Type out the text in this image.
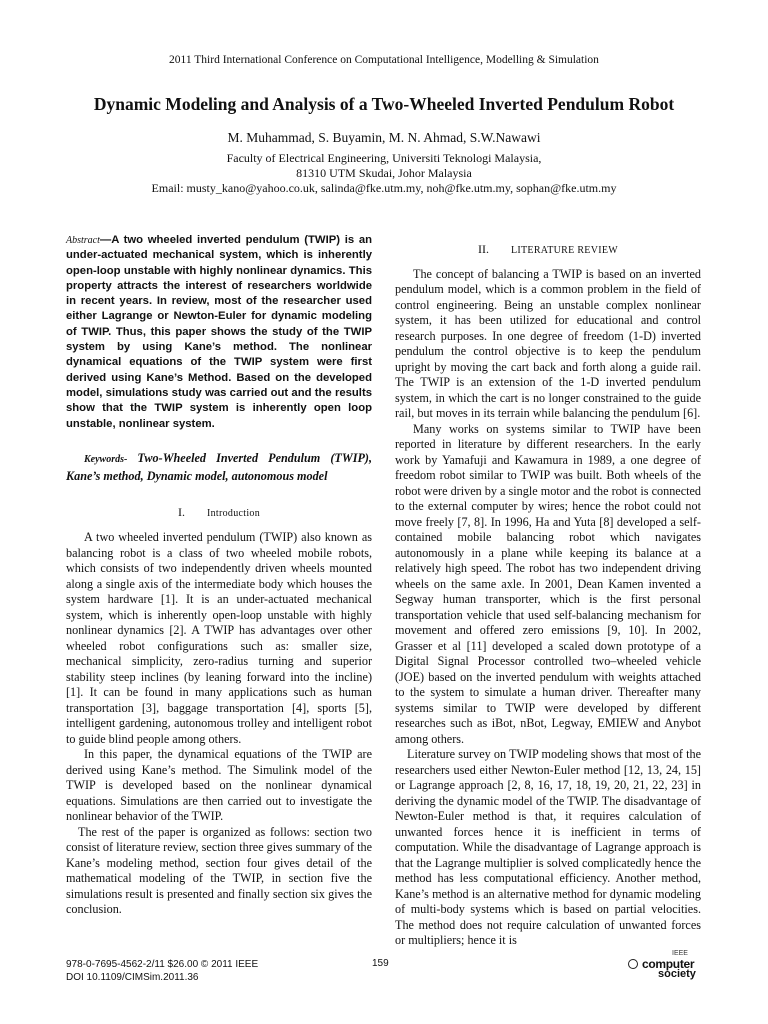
2011 Third International Conference on Computational Intelligence, Modelling & Simulation
Dynamic Modeling and Analysis of a Two-Wheeled Inverted Pendulum Robot
M. Muhammad, S. Buyamin, M. N. Ahmad, S.W.Nawawi
Faculty of Electrical Engineering, Universiti Teknologi Malaysia,
81310 UTM Skudai, Johor Malaysia
Email: musty_kano@yahoo.co.uk, salinda@fke.utm.my, noh@fke.utm.my, sophan@fke.utm.my

Abstract—A two wheeled inverted pendulum (TWIP) is an under-actuated mechanical system, which is inherently open-loop unstable with highly nonlinear dynamics. This property attracts the interest of researchers worldwide in recent years. In review, most of the researcher used either Lagrange or Newton-Euler for dynamic modeling of TWIP. Thus, this paper shows the study of the TWIP system by using Kane’s method. The nonlinear dynamical equations of the TWIP system were first derived using Kane’s Method. Based on the developed model, simulations study was carried out and the results show that the TWIP system is inherently open loop unstable, nonlinear system.

Keywords- Two-Wheeled Inverted Pendulum (TWIP), Kane’s method, Dynamic model, autonomous model

I. Introduction

A two wheeled inverted pendulum (TWIP) also known as balancing robot is a class of two wheeled mobile robots, which consists of two independently driven wheels mounted along a single axis of the intermediate body which houses the system hardware [1]. It is an under-actuated mechanical system, which is inherently open-loop unstable with highly nonlinear dynamics [2]. A TWIP has advantages over other wheeled robot configurations such as: smaller size, mechanical simplicity, zero-radius turning and superior stability steep inclines (by leaning forward into the incline) [1]. It can be found in many applications such as human transportation [3], baggage transportation [4], sports [5], intelligent gardening, autonomous trolley and intelligent robot to guide blind people among others.

In this paper, the dynamical equations of the TWIP are derived using Kane’s method. The Simulink model of the TWIP is developed based on the nonlinear dynamical equations. Simulations are then carried out to investigate the nonlinear behavior of the TWIP.

The rest of the paper is organized as follows: section two consist of literature review, section three gives summary of the Kane’s modeling method, section four gives detail of the mathematical modeling of the TWIP, in section five the simulations result is presented and finally section six gives the conclusion.

II. LITERATURE REVIEW

The concept of balancing a TWIP is based on an inverted pendulum model, which is a common problem in the field of control engineering. Being an unstable complex nonlinear system, it has been utilized for educational and control research purposes. In one degree of freedom (1-D) inverted pendulum the control objective is to keep the pendulum upright by moving the cart back and forth along a guide rail. The TWIP is an extension of the 1-D inverted pendulum system, in which the cart is no longer constrained to the guide rail, but moves in its terrain while balancing the pendulum [6].

Many works on systems similar to TWIP have been reported in literature by different researchers. In the early work by Yamafuji and Kawamura in 1989, a one degree of freedom robot similar to TWIP was built. Both wheels of the robot were driven by a single motor and the robot is connected to the external computer by wires; hence the robot could not move freely [7, 8]. In 1996, Ha and Yuta [8] developed a self-contained mobile balancing robot which navigates autonomously in a plane while keeping its balance at a relatively high speed. The robot has two independent driving wheels on the same axle. In 2001, Dean Kamen invented a Segway human transporter, which is the first personal transportation vehicle that used self-balancing mechanism for movement and offered zero emissions [9, 10]. In 2002, Grasser et al [11] developed a scaled down prototype of a Digital Signal Processor controlled two–wheeled vehicle (JOE) based on the inverted pendulum with weights attached to the system to simulate a human driver. Thereafter many systems similar to TWIP were developed by different researches such as iBot, nBot, Legway, EMIEW and Anybot among others.

Literature survey on TWIP modeling shows that most of the researchers used either Newton-Euler method [12, 13, 24, 15] or Lagrange approach [2, 8, 16, 17, 18, 19, 20, 21, 22, 23] in deriving the dynamic model of the TWIP. The disadvantage of Newton-Euler method is that, it requires calculation of unwanted forces hence it is inefficient in terms of computation. While the disadvantage of Lagrange approach is that the Lagrange multiplier is solved complicatedly hence the method has less computational efficiency. Another method, Kane’s method is an alternative method for dynamic modeling of multi-body systems which is based on partial velocities. The method does not require calculation of unwanted forces or multipliers; hence it is

978-0-7695-4562-2/11 $26.00 © 2011 IEEE
DOI 10.1109/CIMSim.2011.36
159
IEEE
computer
society
